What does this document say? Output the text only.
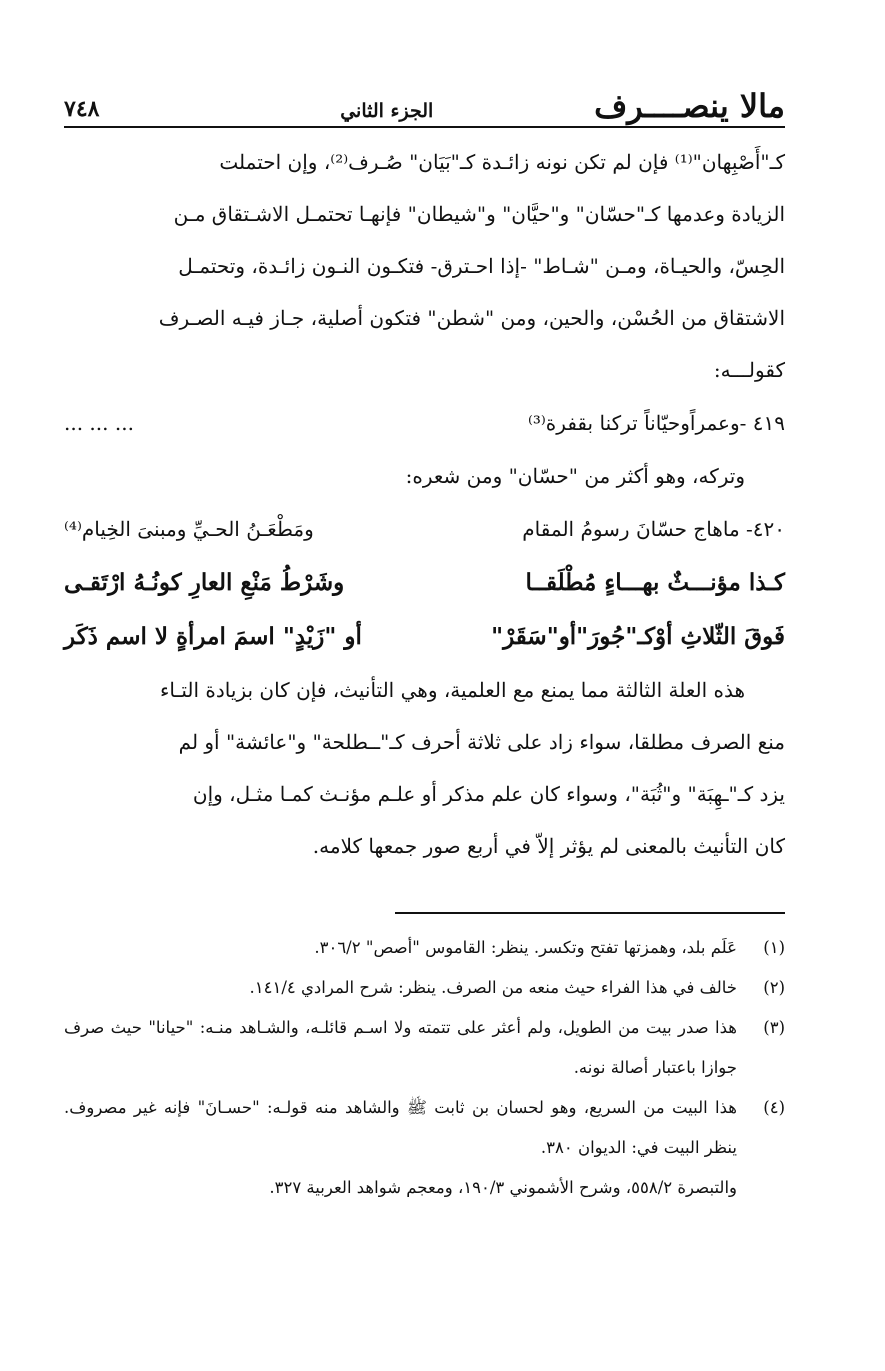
مالا ينصــــرف
الجزء الثاني
٧٤٨

كـ"أَصْبِهان"⁽¹⁾ فإن لم تكن نونه زائـدة كـ"بَيَان" صُـرف⁽²⁾، وإن احتملت

الزيادة وعدمها كـ"حسّان" و"حيَّان" و"شيطان" فإنهـا تحتمـل الاشـتقاق مـن

الحِسّ، والحيـاة، ومـن "شـاط" -إذا احـترق- فتكـون النـون زائـدة، وتحتمـل

الاشتقاق من الحُسْن، والحين، ومن "شطن" فتكون أصلية، جـاز فيـه الصـرف

كقولـــه:

٤١٩ -وعمراًوحيّاناً تركنا بقفرة⁽³⁾
... ... ...

وتركه، وهو أكثر من "حسّان" ومن شعره:

٤٢٠- ماهاج حسّانَ رسومُ المقام
ومَطْعَـنُ الحـيِّ ومبنىَ الخِيام⁽⁴⁾
كـذا مؤنـــثٌ بهـــاءٍ مُطْلَقــا
وشَرْطُ مَنْعِ العارِ كونُـهُ ارْتَقـى
فَوقَ الثّلاثِ أوْكـ"جُورَ"أو"سَقَرْ"
أو "زَيْدٍ" اسمَ امرأةٍ لا اسم ذَكَر

هذه العلة الثالثة مما يمنع مع العلمية، وهي التأنيث، فإن كان بزيادة التـاء

منع الصرف مطلقا، سواء زاد على ثلاثة أحرف كـ"ــطلحة" و"عائشة" أو لم

يزد كـ"ـهِبَة" و"ثُبَة"، وسواء كان علم مذكر أو علـم مؤنـث كمـا مثـل، وإن

كان التأنيث بالمعنى لم يؤثر إلاّ في أربع صور جمعها كلامه.

(١)
عَلَم بلد، وهمزتها تفتح وتكسر. ينظر: القاموس "أصص" ٣٠٦/٢.
(٢)
خالف في هذا الفراء حيث منعه من الصرف. ينظر: شرح المرادي ١٤١/٤.
(٣)
هذا صدر بيت من الطويل، ولم أعثر على تتمته ولا اسـم قائلـه، والشـاهد منـه: "حيانا" حيث صرف جوازا باعتبار أصالة نونه.
(٤)
هذا البيت من السريع، وهو لحسان بن ثابت ﷺ والشاهد منه قولـه: "حسـانَ" فإنه غير مصروف. ينظر البيت في: الديوان ٣٨٠.
والتبصرة ٥٥٨/٢، وشرح الأشموني ١٩٠/٣، ومعجم شواهد العربية ٣٢٧.
